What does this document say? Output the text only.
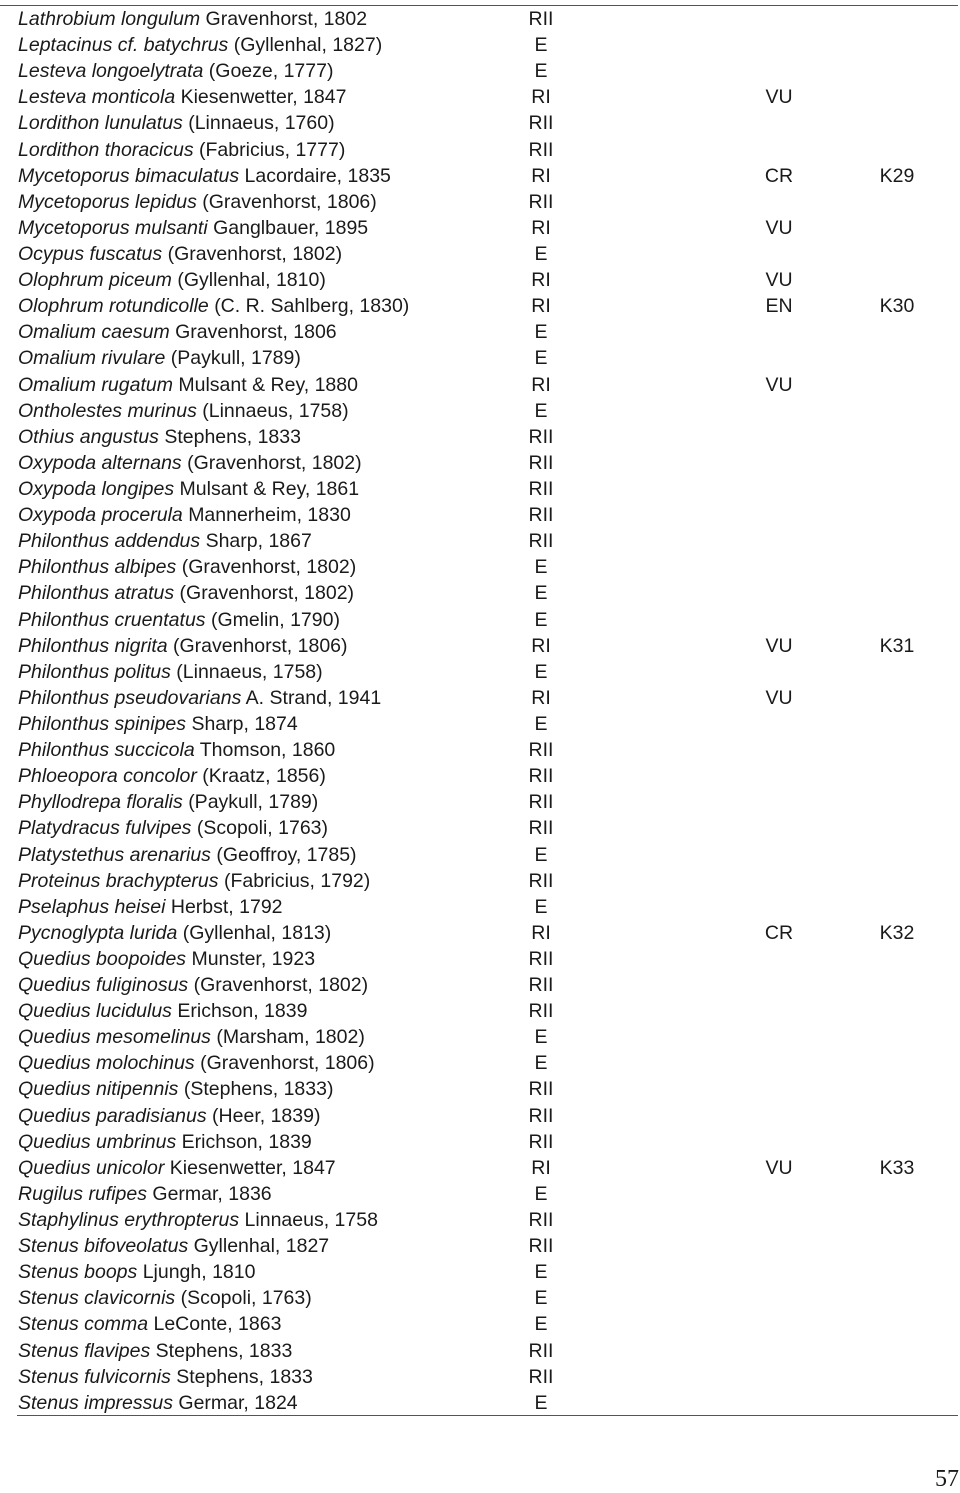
Lathrobium longulum Gravenhorst, 1802	RII
Leptacinus cf. batychrus (Gyllenhal, 1827)	E
Lesteva longoelytrata (Goeze, 1777)	E
Lesteva monticola Kiesenwetter, 1847	RI	VU
Lordithon lunulatus (Linnaeus, 1760)	RII
Lordithon thoracicus (Fabricius, 1777)	RII
Mycetoporus bimaculatus Lacordaire, 1835	RI	CR	K29
Mycetoporus lepidus (Gravenhorst, 1806)	RII
Mycetoporus mulsanti Ganglbauer, 1895	RI	VU
Ocypus fuscatus (Gravenhorst, 1802)	E
Olophrum piceum (Gyllenhal, 1810)	RI	VU
Olophrum rotundicolle (C. R. Sahlberg, 1830)	RI	EN	K30
Omalium caesum Gravenhorst, 1806	E
Omalium rivulare (Paykull, 1789)	E
Omalium rugatum Mulsant & Rey, 1880	RI	VU
Ontholestes murinus (Linnaeus, 1758)	E
Othius angustus Stephens, 1833	RII
Oxypoda alternans (Gravenhorst, 1802)	RII
Oxypoda longipes Mulsant & Rey, 1861	RII
Oxypoda procerula Mannerheim, 1830	RII
Philonthus addendus Sharp, 1867	RII
Philonthus albipes (Gravenhorst, 1802)	E
Philonthus atratus (Gravenhorst, 1802)	E
Philonthus cruentatus (Gmelin, 1790)	E
Philonthus nigrita (Gravenhorst, 1806)	RI	VU	K31
Philonthus politus (Linnaeus, 1758)	E
Philonthus pseudovarians A. Strand, 1941	RI	VU
Philonthus spinipes Sharp, 1874	E
Philonthus succicola Thomson, 1860	RII
Phloeopora concolor (Kraatz, 1856)	RII
Phyllodrepa floralis (Paykull, 1789)	RII
Platydracus fulvipes (Scopoli, 1763)	RII
Platystethus arenarius (Geoffroy, 1785)	E
Proteinus brachypterus (Fabricius, 1792)	RII
Pselaphus heisei Herbst, 1792	E
Pycnoglypta lurida (Gyllenhal, 1813)	RI	CR	K32
Quedius boopoides Munster, 1923	RII
Quedius fuliginosus (Gravenhorst, 1802)	RII
Quedius lucidulus Erichson, 1839	RII
Quedius mesomelinus (Marsham, 1802)	E
Quedius molochinus (Gravenhorst, 1806)	E
Quedius nitipennis (Stephens, 1833)	RII
Quedius paradisianus (Heer, 1839)	RII
Quedius umbrinus Erichson, 1839	RII
Quedius unicolor Kiesenwetter, 1847	RI	VU	K33
Rugilus rufipes Germar, 1836	E
Staphylinus erythropterus Linnaeus, 1758	RII
Stenus bifoveolatus Gyllenhal, 1827	RII
Stenus boops Ljungh, 1810	E
Stenus clavicornis (Scopoli, 1763)	E
Stenus comma LeConte, 1863	E
Stenus flavipes Stephens, 1833	RII
Stenus fulvicornis Stephens, 1833	RII
Stenus impressus Germar, 1824	E
57
